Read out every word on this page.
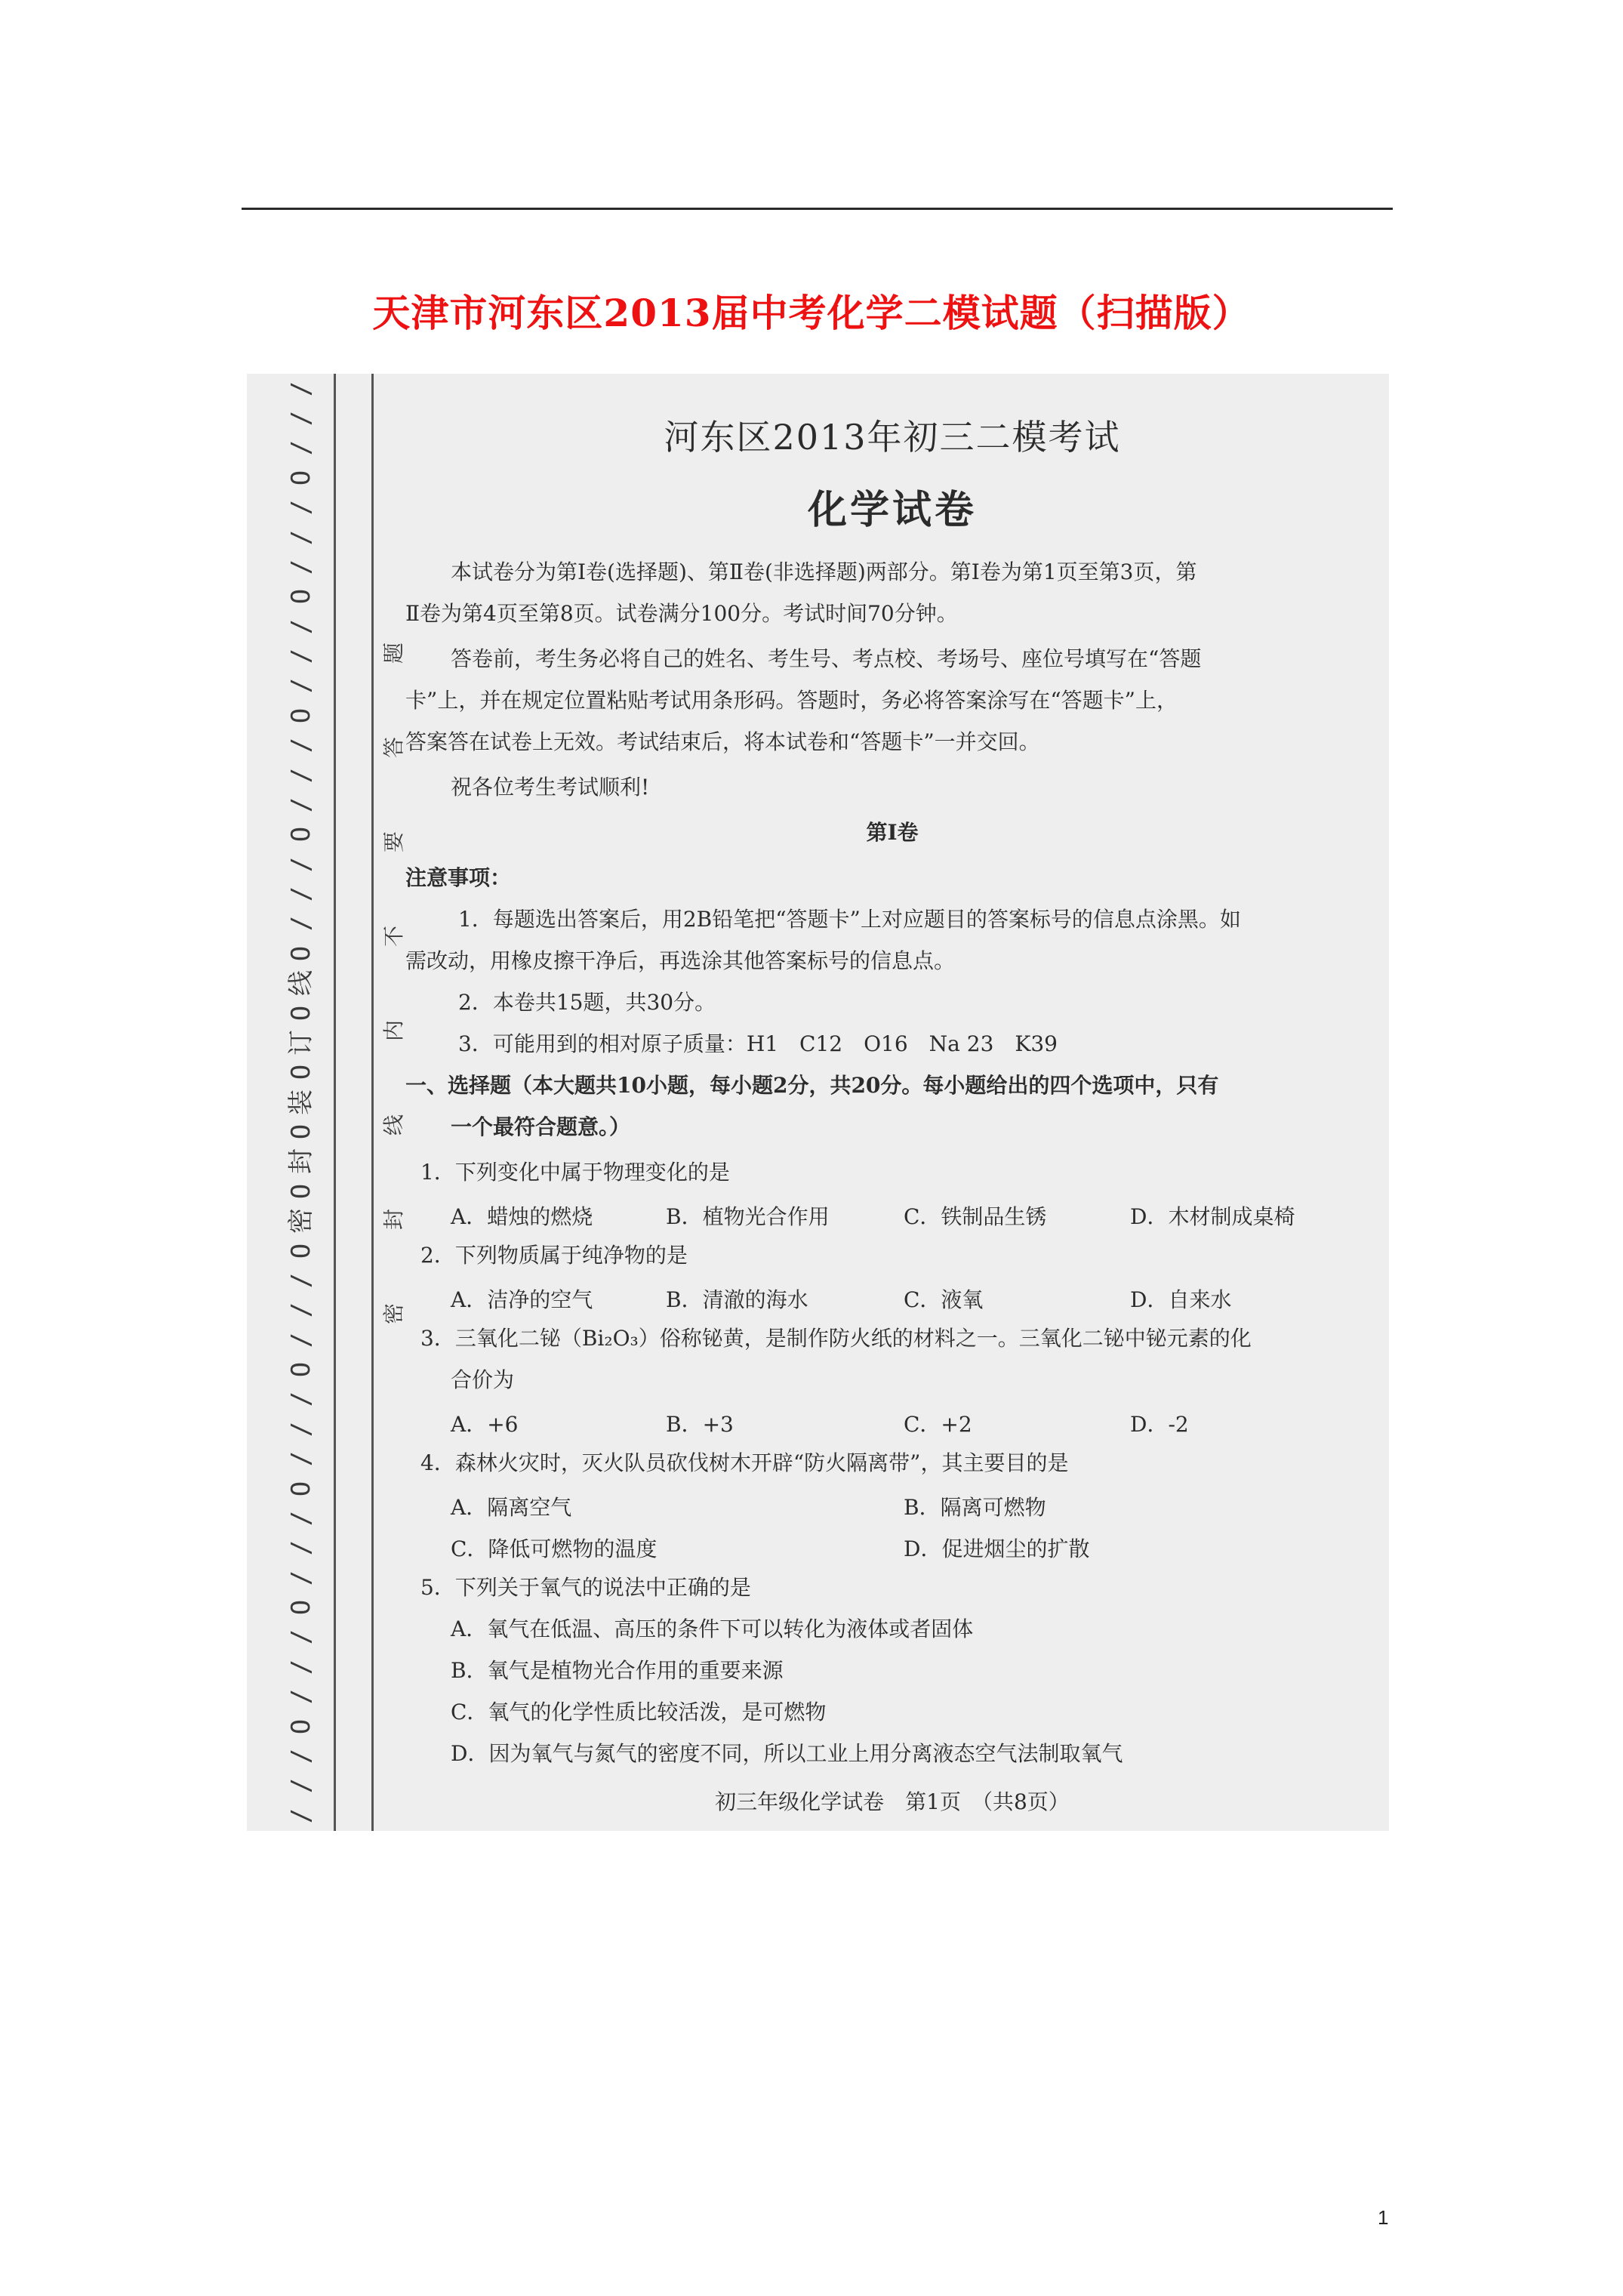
天津市河东区2013届中考化学二模试题（扫描版）
/
/
/
O
/
/
/
O
/
/
/
O
/
/
/
O
/
/
/
O
线
O
订
O
装
O
封
O
密
O
/
/
/
O
/
/
/
O
/
/
/
O
/
/
/
O
/
/
/
题
答
要
不
内
线
封
密
河东区2013年初三二模考试
化学试卷
本试卷分为第Ⅰ卷(选择题)、第Ⅱ卷(非选择题)两部分。第Ⅰ卷为第1页至第3页，第
Ⅱ卷为第4页至第8页。试卷满分100分。考试时间70分钟。
答卷前，考生务必将自己的姓名、考生号、考点校、考场号、座位号填写在“答题
卡”上，并在规定位置粘贴考试用条形码。答题时，务必将答案涂写在“答题卡”上，
答案答在试卷上无效。考试结束后，将本试卷和“答题卡”一并交回。
祝各位考生考试顺利!
第Ⅰ卷
注意事项：
1．每题选出答案后，用2B铅笔把“答题卡”上对应题目的答案标号的信息点涂黑。如
需改动，用橡皮擦干净后，再选涂其他答案标号的信息点。
2．本卷共15题，共30分。
3．可能用到的相对原子质量：H1　C12　O16　Na 23　K39
一、选择题（本大题共10小题，每小题2分，共20分。每小题给出的四个选项中，只有
一个最符合题意。）
1．下列变化中属于物理变化的是
A．蜡烛的燃烧	B．植物光合作用	C．铁制品生锈	D．木材制成桌椅
2．下列物质属于纯净物的是
A．洁净的空气	B．清澈的海水	C．液氧	D．自来水
3．三氧化二铋（Bi₂O₃）俗称铋黄，是制作防火纸的材料之一。三氧化二铋中铋元素的化
合价为
A．+6	B．+3	C．+2	D．-2
4．森林火灾时，灭火队员砍伐树木开辟“防火隔离带”，其主要目的是
A．隔离空气	B．隔离可燃物
C．降低可燃物的温度	D．促进烟尘的扩散
5．下列关于氧气的说法中正确的是
A．氧气在低温、高压的条件下可以转化为液体或者固体
B．氧气是植物光合作用的重要来源
C．氧气的化学性质比较活泼，是可燃物
D．因为氧气与氮气的密度不同，所以工业上用分离液态空气法制取氧气
初三年级化学试卷　第1页　（共8页）
1
